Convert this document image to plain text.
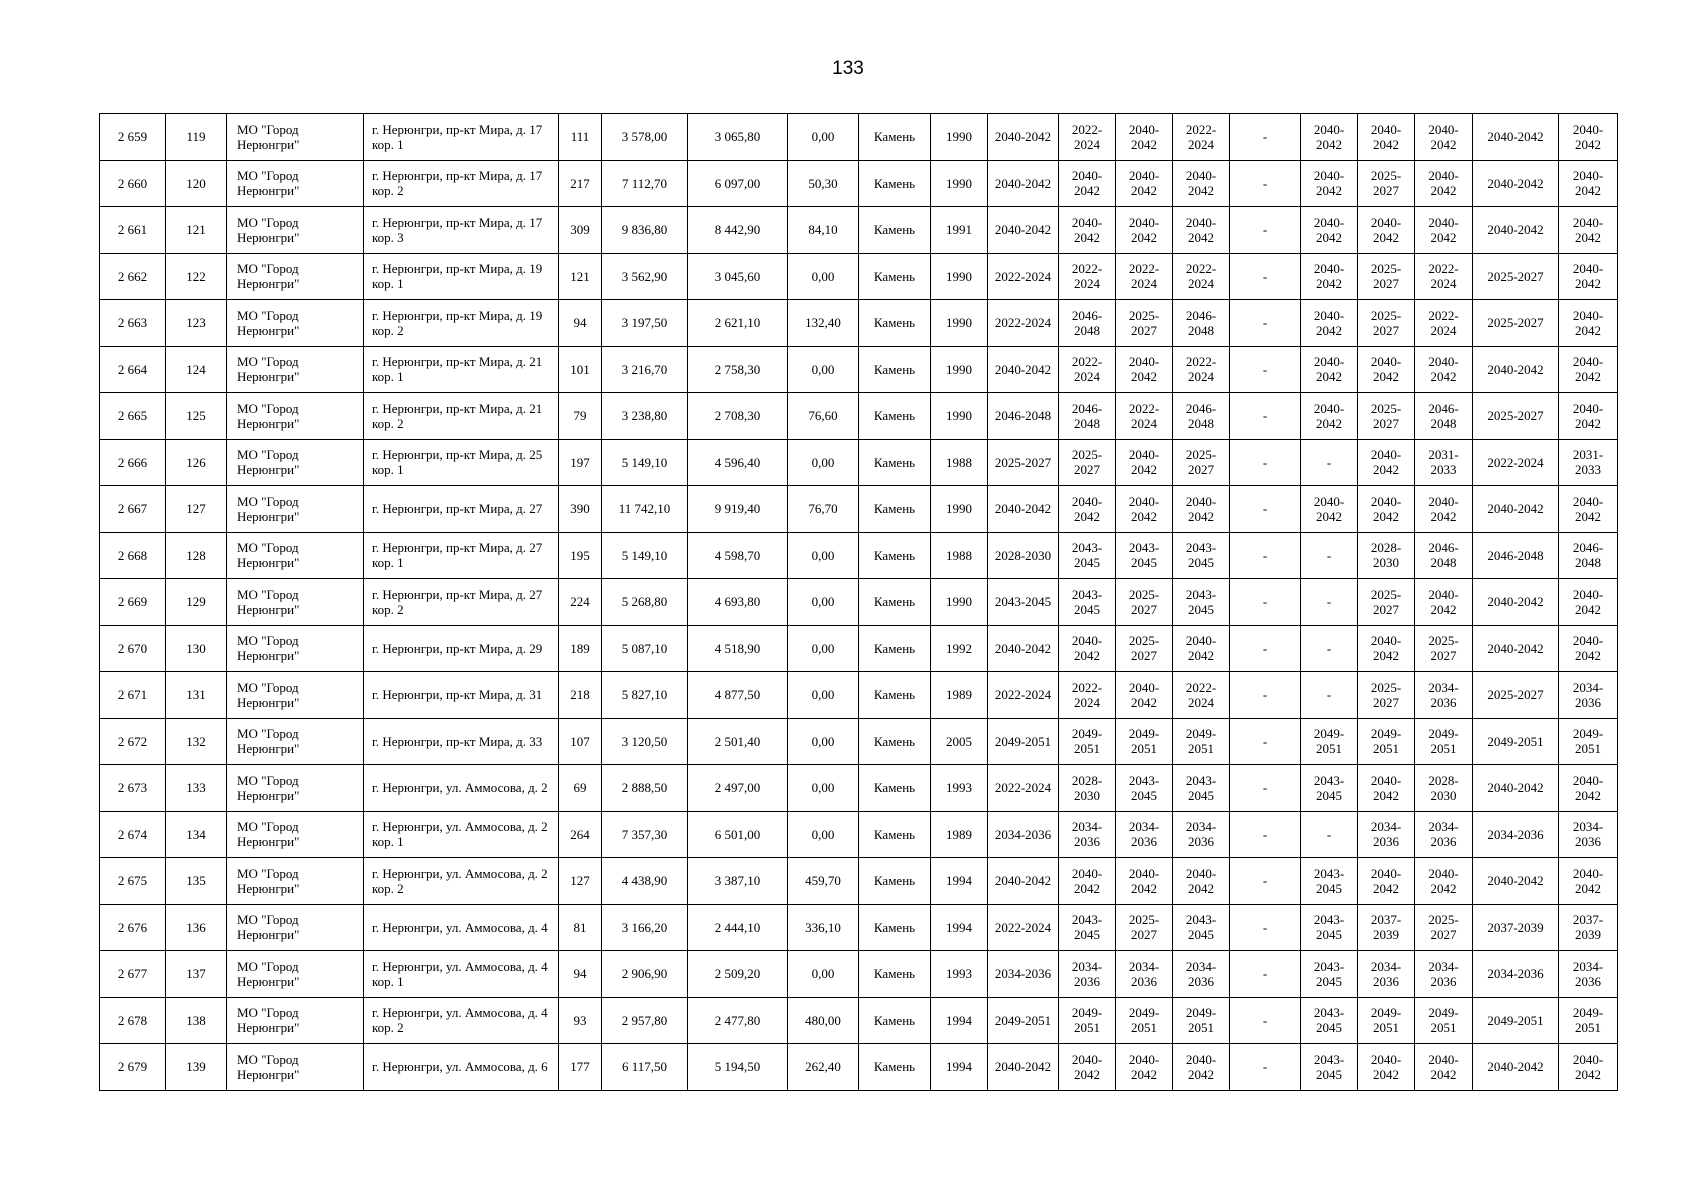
133
2 659	119	МО "Город Нерюнгри"	г. Нерюнгри, пр-кт Мира, д. 17 кор. 1	111	3 578,00	3 065,80	0,00	Камень	1990	2040-2042	2022-2024	2040-2042	2022-2024	-	2040-2042	2040-2042	2040-2042	2040-2042	2040-2042
2 660	120	МО "Город Нерюнгри"	г. Нерюнгри, пр-кт Мира, д. 17 кор. 2	217	7 112,70	6 097,00	50,30	Камень	1990	2040-2042	2040-2042	2040-2042	2040-2042	-	2040-2042	2025-2027	2040-2042	2040-2042	2040-2042
2 661	121	МО "Город Нерюнгри"	г. Нерюнгри, пр-кт Мира, д. 17 кор. 3	309	9 836,80	8 442,90	84,10	Камень	1991	2040-2042	2040-2042	2040-2042	2040-2042	-	2040-2042	2040-2042	2040-2042	2040-2042	2040-2042
2 662	122	МО "Город Нерюнгри"	г. Нерюнгри, пр-кт Мира, д. 19 кор. 1	121	3 562,90	3 045,60	0,00	Камень	1990	2022-2024	2022-2024	2022-2024	2022-2024	-	2040-2042	2025-2027	2022-2024	2025-2027	2040-2042
2 663	123	МО "Город Нерюнгри"	г. Нерюнгри, пр-кт Мира, д. 19 кор. 2	94	3 197,50	2 621,10	132,40	Камень	1990	2022-2024	2046-2048	2025-2027	2046-2048	-	2040-2042	2025-2027	2022-2024	2025-2027	2040-2042
2 664	124	МО "Город Нерюнгри"	г. Нерюнгри, пр-кт Мира, д. 21 кор. 1	101	3 216,70	2 758,30	0,00	Камень	1990	2040-2042	2022-2024	2040-2042	2022-2024	-	2040-2042	2040-2042	2040-2042	2040-2042	2040-2042
2 665	125	МО "Город Нерюнгри"	г. Нерюнгри, пр-кт Мира, д. 21 кор. 2	79	3 238,80	2 708,30	76,60	Камень	1990	2046-2048	2046-2048	2022-2024	2046-2048	-	2040-2042	2025-2027	2046-2048	2025-2027	2040-2042
2 666	126	МО "Город Нерюнгри"	г. Нерюнгри, пр-кт Мира, д. 25 кор. 1	197	5 149,10	4 596,40	0,00	Камень	1988	2025-2027	2025-2027	2040-2042	2025-2027	-	-	2040-2042	2031-2033	2022-2024	2031-2033
2 667	127	МО "Город Нерюнгри"	г. Нерюнгри, пр-кт Мира, д. 27	390	11 742,10	9 919,40	76,70	Камень	1990	2040-2042	2040-2042	2040-2042	2040-2042	-	2040-2042	2040-2042	2040-2042	2040-2042	2040-2042
2 668	128	МО "Город Нерюнгри"	г. Нерюнгри, пр-кт Мира, д. 27 кор. 1	195	5 149,10	4 598,70	0,00	Камень	1988	2028-2030	2043-2045	2043-2045	2043-2045	-	-	2028-2030	2046-2048	2046-2048	2046-2048
2 669	129	МО "Город Нерюнгри"	г. Нерюнгри, пр-кт Мира, д. 27 кор. 2	224	5 268,80	4 693,80	0,00	Камень	1990	2043-2045	2043-2045	2025-2027	2043-2045	-	-	2025-2027	2040-2042	2040-2042	2040-2042
2 670	130	МО "Город Нерюнгри"	г. Нерюнгри, пр-кт Мира, д. 29	189	5 087,10	4 518,90	0,00	Камень	1992	2040-2042	2040-2042	2025-2027	2040-2042	-	-	2040-2042	2025-2027	2040-2042	2040-2042
2 671	131	МО "Город Нерюнгри"	г. Нерюнгри, пр-кт Мира, д. 31	218	5 827,10	4 877,50	0,00	Камень	1989	2022-2024	2022-2024	2040-2042	2022-2024	-	-	2025-2027	2034-2036	2025-2027	2034-2036
2 672	132	МО "Город Нерюнгри"	г. Нерюнгри, пр-кт Мира, д. 33	107	3 120,50	2 501,40	0,00	Камень	2005	2049-2051	2049-2051	2049-2051	2049-2051	-	2049-2051	2049-2051	2049-2051	2049-2051	2049-2051
2 673	133	МО "Город Нерюнгри"	г. Нерюнгри, ул. Аммосова, д. 2	69	2 888,50	2 497,00	0,00	Камень	1993	2022-2024	2028-2030	2043-2045	2043-2045	-	2043-2045	2040-2042	2028-2030	2040-2042	2040-2042
2 674	134	МО "Город Нерюнгри"	г. Нерюнгри, ул. Аммосова, д. 2 кор. 1	264	7 357,30	6 501,00	0,00	Камень	1989	2034-2036	2034-2036	2034-2036	2034-2036	-	-	2034-2036	2034-2036	2034-2036	2034-2036
2 675	135	МО "Город Нерюнгри"	г. Нерюнгри, ул. Аммосова, д. 2 кор. 2	127	4 438,90	3 387,10	459,70	Камень	1994	2040-2042	2040-2042	2040-2042	2040-2042	-	2043-2045	2040-2042	2040-2042	2040-2042	2040-2042
2 676	136	МО "Город Нерюнгри"	г. Нерюнгри, ул. Аммосова, д. 4	81	3 166,20	2 444,10	336,10	Камень	1994	2022-2024	2043-2045	2025-2027	2043-2045	-	2043-2045	2037-2039	2025-2027	2037-2039	2037-2039
2 677	137	МО "Город Нерюнгри"	г. Нерюнгри, ул. Аммосова, д. 4 кор. 1	94	2 906,90	2 509,20	0,00	Камень	1993	2034-2036	2034-2036	2034-2036	2034-2036	-	2043-2045	2034-2036	2034-2036	2034-2036	2034-2036
2 678	138	МО "Город Нерюнгри"	г. Нерюнгри, ул. Аммосова, д. 4 кор. 2	93	2 957,80	2 477,80	480,00	Камень	1994	2049-2051	2049-2051	2049-2051	2049-2051	-	2043-2045	2049-2051	2049-2051	2049-2051	2049-2051
2 679	139	МО "Город Нерюнгри"	г. Нерюнгри, ул. Аммосова, д. 6	177	6 117,50	5 194,50	262,40	Камень	1994	2040-2042	2040-2042	2040-2042	2040-2042	-	2043-2045	2040-2042	2040-2042	2040-2042	2040-2042
